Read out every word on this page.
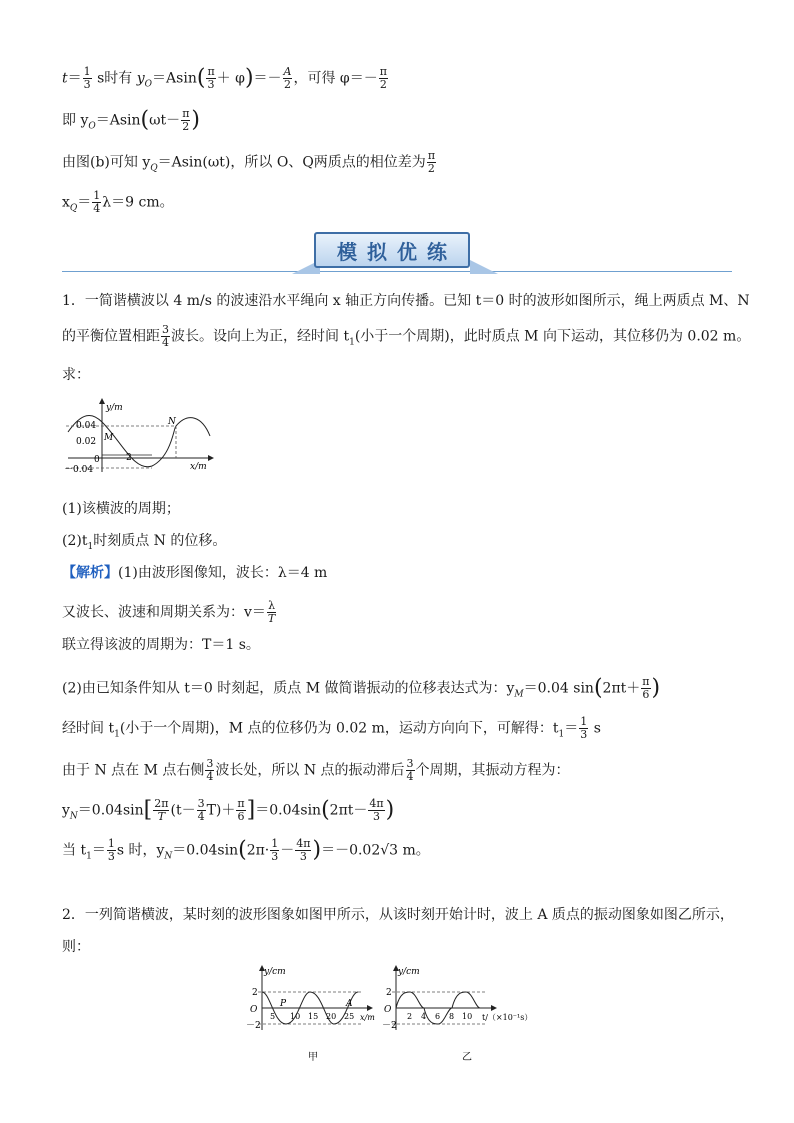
$t= \frac{1}{3}$ s时有 $y_O=Asin( \frac{\pi}{3} + \varphi)=- \frac{A}{2}$ ，可得 $\varphi=- \frac{\pi}{2}$
即 $y_O=Asin(\omega t- \frac{\pi}{2}$ )
由图(b)可知 $y_Q=Asin(\omega t)$，所以 O、Q两质点的相位差为 $\frac{\pi}{2}$
$x_Q= \frac{1}{4} \lambda=9$ cm。
模拟优练
1．一简谐横波以 4 m/s 的波速沿水平绳向 x 轴正方向传播。已知 t＝0 时的波形如图所示，绳上两质点 M、N
的平衡位置相距 $\frac{3}{4}$ 波长。设向上为正，经时间 $t_1$(小于一个周期)，此时质点 M 向下运动，其位移仍为 0.02 m。
求：
y/m
x/m
0.04
0.02
0
－0.04
M
N
2
(1)该横波的周期；
$(2)t_1$时刻质点 N 的位移。
【解析】(1)由波形图像知，波长：λ＝4 m
又波长、波速和周期关系为：$v= \frac{\lambda}{T}$
联立得该波的周期为：T＝1 s。
(2)由已知条件知从 t＝0 时刻起，质点 M 做简谐振动的位移表达式为：$y_M=0.04$ $\sin(2\pi t+ \frac{\pi}{6}$ )
经时间 $t_1$(小于一个周期)，M 点的位移仍为 0.02 m，运动方向向下，可解得：$t_1= \frac{1}{3}$ s
由于 N 点在 M 点右侧 $\frac{3}{4}$ 波长处，所以 N 点的振动滞后 $\frac{3}{4}$ 个周期，其振动方程为：
$y_N=0.04\sin[ \frac{2\pi}{T} (t- \frac{3}{4} T)+ \frac{\pi}{6} ]=0.04\sin(2\pi t- \frac{4\pi}{3}$ )
当 $t_1= \frac{1}{3}$ s 时，$y_N=0.04\sin(2\pi\cdot \frac{1}{3} - \frac{4\pi}{3} )=-0.02√3$ m。
2．一列简谐横波，某时刻的波形图象如图甲所示，从该时刻开始计时，波上 A 质点的振动图象如图乙所示，
则：
y/cm
x/m
2
O
－2
P	A
5 10 15 20 25
甲
y/cm
t/（×10⁻¹s）
2
O
－2
2 4 6 8 10
乙
